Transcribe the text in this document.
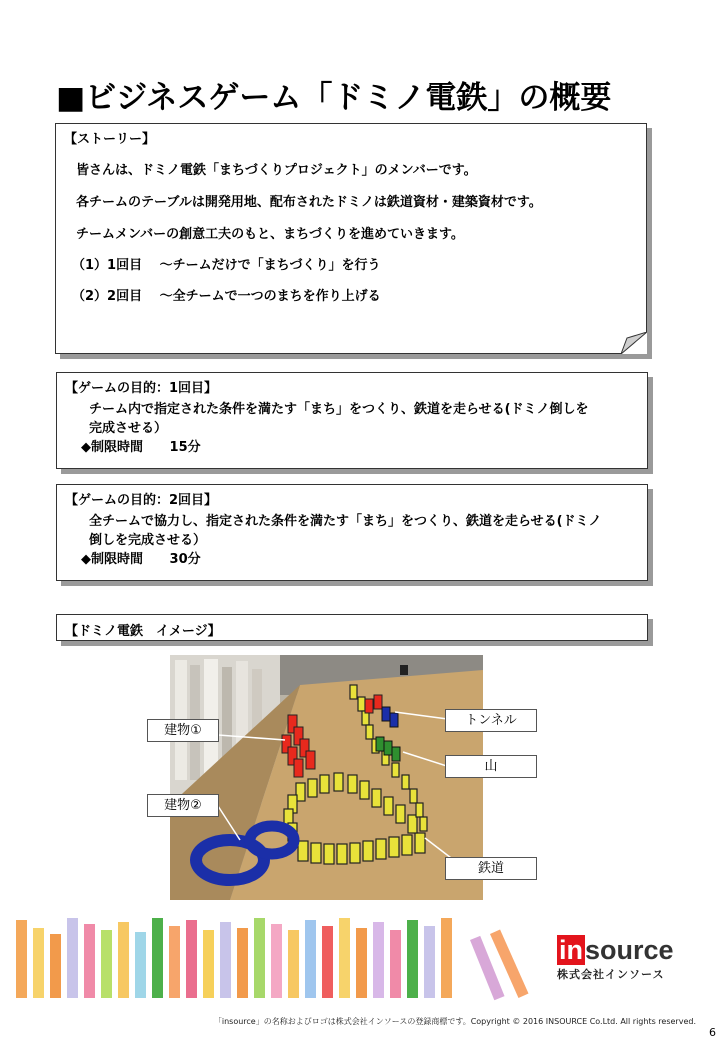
■ビジネスゲーム「ドミノ電鉄」の概要
【ストーリー】
皆さんは、ドミノ電鉄「まちづくりプロジェクト」のメンバーです。
各チームのテーブルは開発用地、配布されたドミノは鉄道資材・建築資材です。
チームメンバーの創意工夫のもと、まちづくりを進めていきます。
（1）1回目　 ～チームだけで「まちづくり」を行う
（2）2回目　 ～全チームで一つのまちを作り上げる
【ゲームの目的：1回目】
チーム内で指定された条件を満たす「まち」をつくり、鉄道を走らせる(ドミノ倒しを
完成させる）
◆制限時間 15分
【ゲームの目的：2回目】
全チームで協力し、指定された条件を満たす「まち」をつくり、鉄道を走らせる(ドミノ
倒しを完成させる）
◆制限時間 30分
【ドミノ電鉄　イメージ】
建物①
建物②
トンネル
山
鉄道
insource
株式会社インソース
「insource」の名称およびロゴは株式会社インソースの登録商標です。Copyright © 2016 INSOURCE Co.Ltd. All rights reserved.
6
